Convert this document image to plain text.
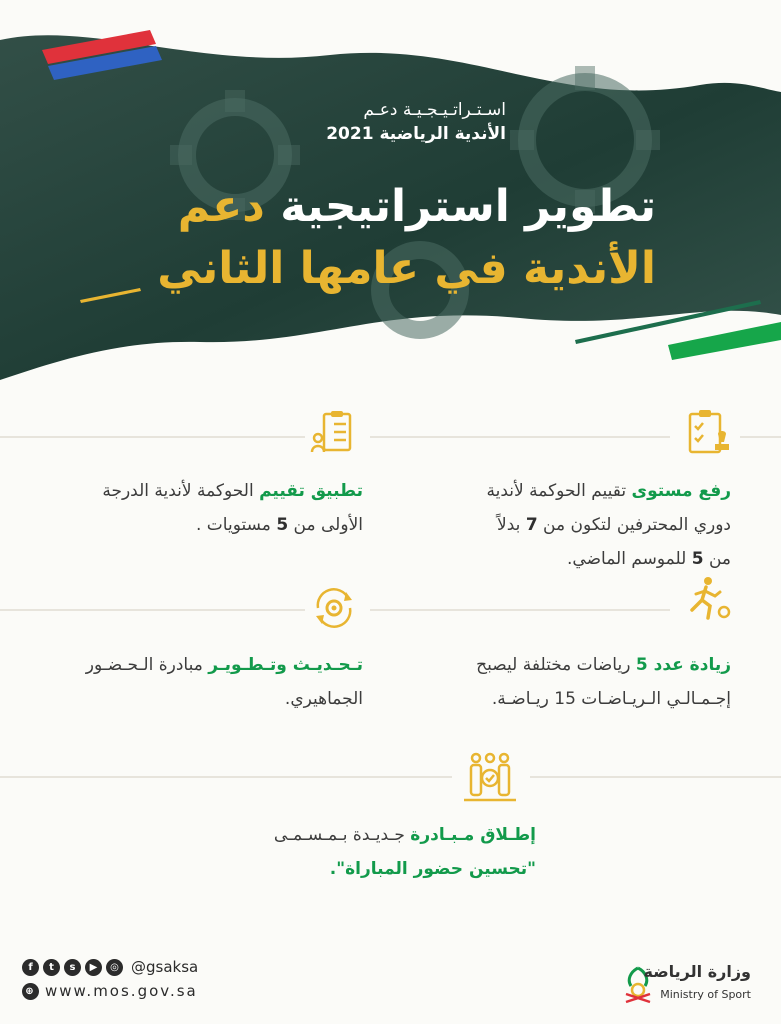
اسـتـراتـيـجـيـة دعـم
الأندية الرياضية 2021
تطوير استراتيجية دعم
الأندية في عامها الثاني
رفع مستوى تقييم الحوكمة لأندية
دوري المحترفين لتكون من 7 بدلاً
من 5 للموسم الماضي.
تطبيق تقييم الحوكمة لأندية الدرجة
الأولى من 5 مستويات .
زيادة عدد 5 رياضات مختلفة ليصبح
إجـمـالـي الـريـاضـات 15 ريـاضـة.
تـحـديـث وتـطـويـر مبادرة الـحـضـور
الجماهيري.
إطـلاق مـبـادرة جـديـدة بـمـسـمـى
"تحسين حضور المباراة".
f	t	s	▶	◎ @gsaksa
⊕ www.mos.gov.sa
وزارة الرياضة
Ministry of Sport
